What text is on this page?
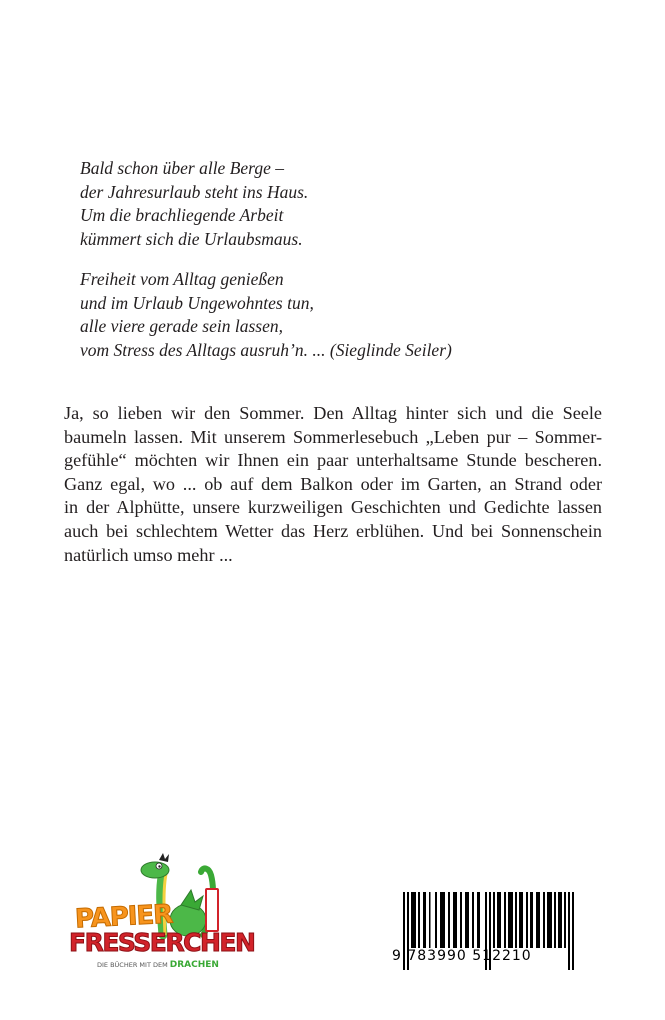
Bald schon über alle Berge –
der Jahresurlaub steht ins Haus.
Um die brachliegende Arbeit
kümmert sich die Urlaubsmaus.
Freiheit vom Alltag genießen
und im Urlaub Ungewohntes tun,
alle viere gerade sein lassen,
vom Stress des Alltags ausruh’n. ... (Sieglinde Seiler)
Ja, so lieben wir den Sommer. Den Alltag hinter sich und die Seele
baumeln lassen. Mit unserem Sommerlesebuch „Leben pur – Sommer-
gefühle“ möchten wir Ihnen ein paar unterhaltsame Stunde bescheren.
Ganz egal, wo ... ob auf dem Balkon oder im Garten, an Strand oder
in der Alphütte, unsere kurzweiligen Geschichten und Gedichte lassen
auch bei schlechtem Wetter das Herz erblühen. Und bei Sonnenschein
natürlich umso mehr ...
PAPIER
FRESSERCHEN
DIE BÜCHER MIT DEM DRACHEN
9 783990 512210
